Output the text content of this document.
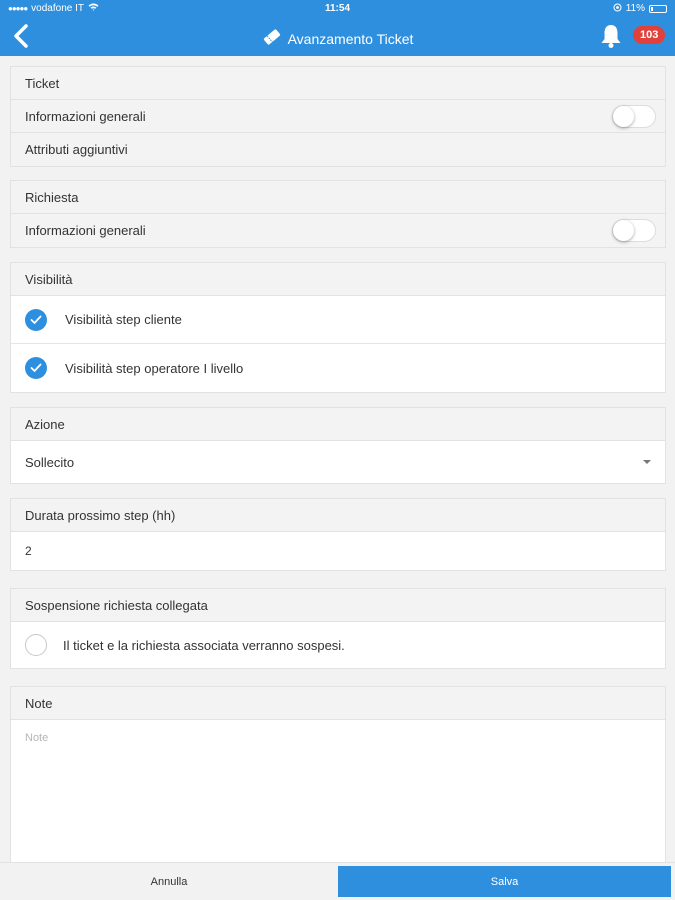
●●●●● vodafone IT	11:54	11%
Avanzamento Ticket	103
Ticket
Informazioni generali
Attributi aggiuntivi
Richiesta
Informazioni generali
Visibilità
Visibilità step cliente
Visibilità step operatore I livello
Azione
Sollecito
Durata prossimo step (hh)
2
Sospensione richiesta collegata
Il ticket e la richiesta associata verranno sospesi.
Note
Note
Annulla	Salva
